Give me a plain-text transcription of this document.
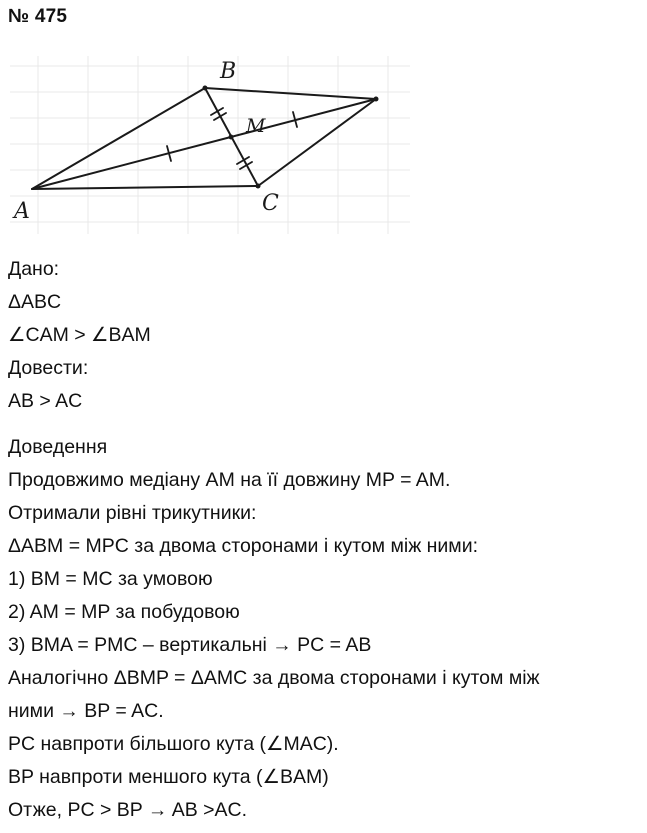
№ 475
A
B
C
M
Дано:
ΔABC
∠CAM > ∠BAM
Довести:
AB > AC
Доведення
Продовжимо медіану AM на її довжину MP = AM.
Отримали рівні трикутники:
ΔABM = MPC за двома сторонами і кутом між ними:
1) BM = MC за умовою
2) AM = MP за побудовою
3) BMA = PMC – вертикальні → PC = AB
Аналогічно ΔBMP = ΔAMC за двома сторонами і кутом між
ними → BP = AC.
PC навпроти більшого кута (∠MAC).
BP навпроти меншого кута (∠BAM)
Отже, PC > BP → AB >AC.
